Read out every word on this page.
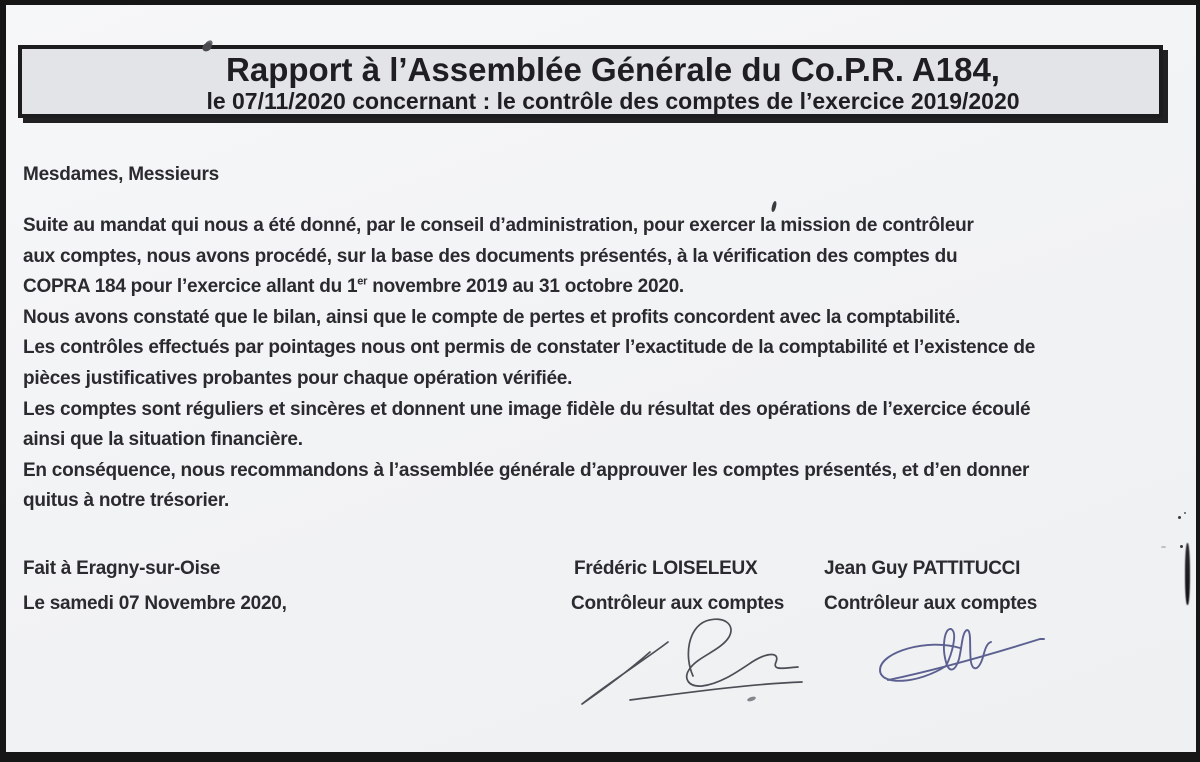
Rapport à l’Assemblée Générale du Co.P.R. A184,
le 07/11/2020 concernant : le contrôle des comptes de l’exercice 2019/2020
Mesdames, Messieurs
Suite au mandat qui nous a été donné, par le conseil d’administration, pour exercer la mission de contrôleur
aux comptes, nous avons procédé, sur la base des documents présentés, à la vérification des comptes du
COPRA 184 pour l’exercice allant du 1er novembre 2019 au 31 octobre 2020.
Nous avons constaté que le bilan, ainsi que le compte de pertes et profits concordent avec la comptabilité.
Les contrôles effectués par pointages nous ont permis de constater l’exactitude de la comptabilité et l’existence de
pièces justificatives probantes pour chaque opération vérifiée.
Les comptes sont réguliers et sincères et donnent une image fidèle du résultat des opérations de l’exercice écoulé
ainsi que la situation financière.
En conséquence, nous recommandons à l’assemblée générale d’approuver les comptes présentés, et d’en donner
quitus à notre trésorier.
Fait à Eragny-sur-Oise
Le samedi 07 Novembre 2020,
Frédéric LOISELEUX
Contrôleur aux comptes
Jean Guy PATTITUCCI
Contrôleur aux comptes
